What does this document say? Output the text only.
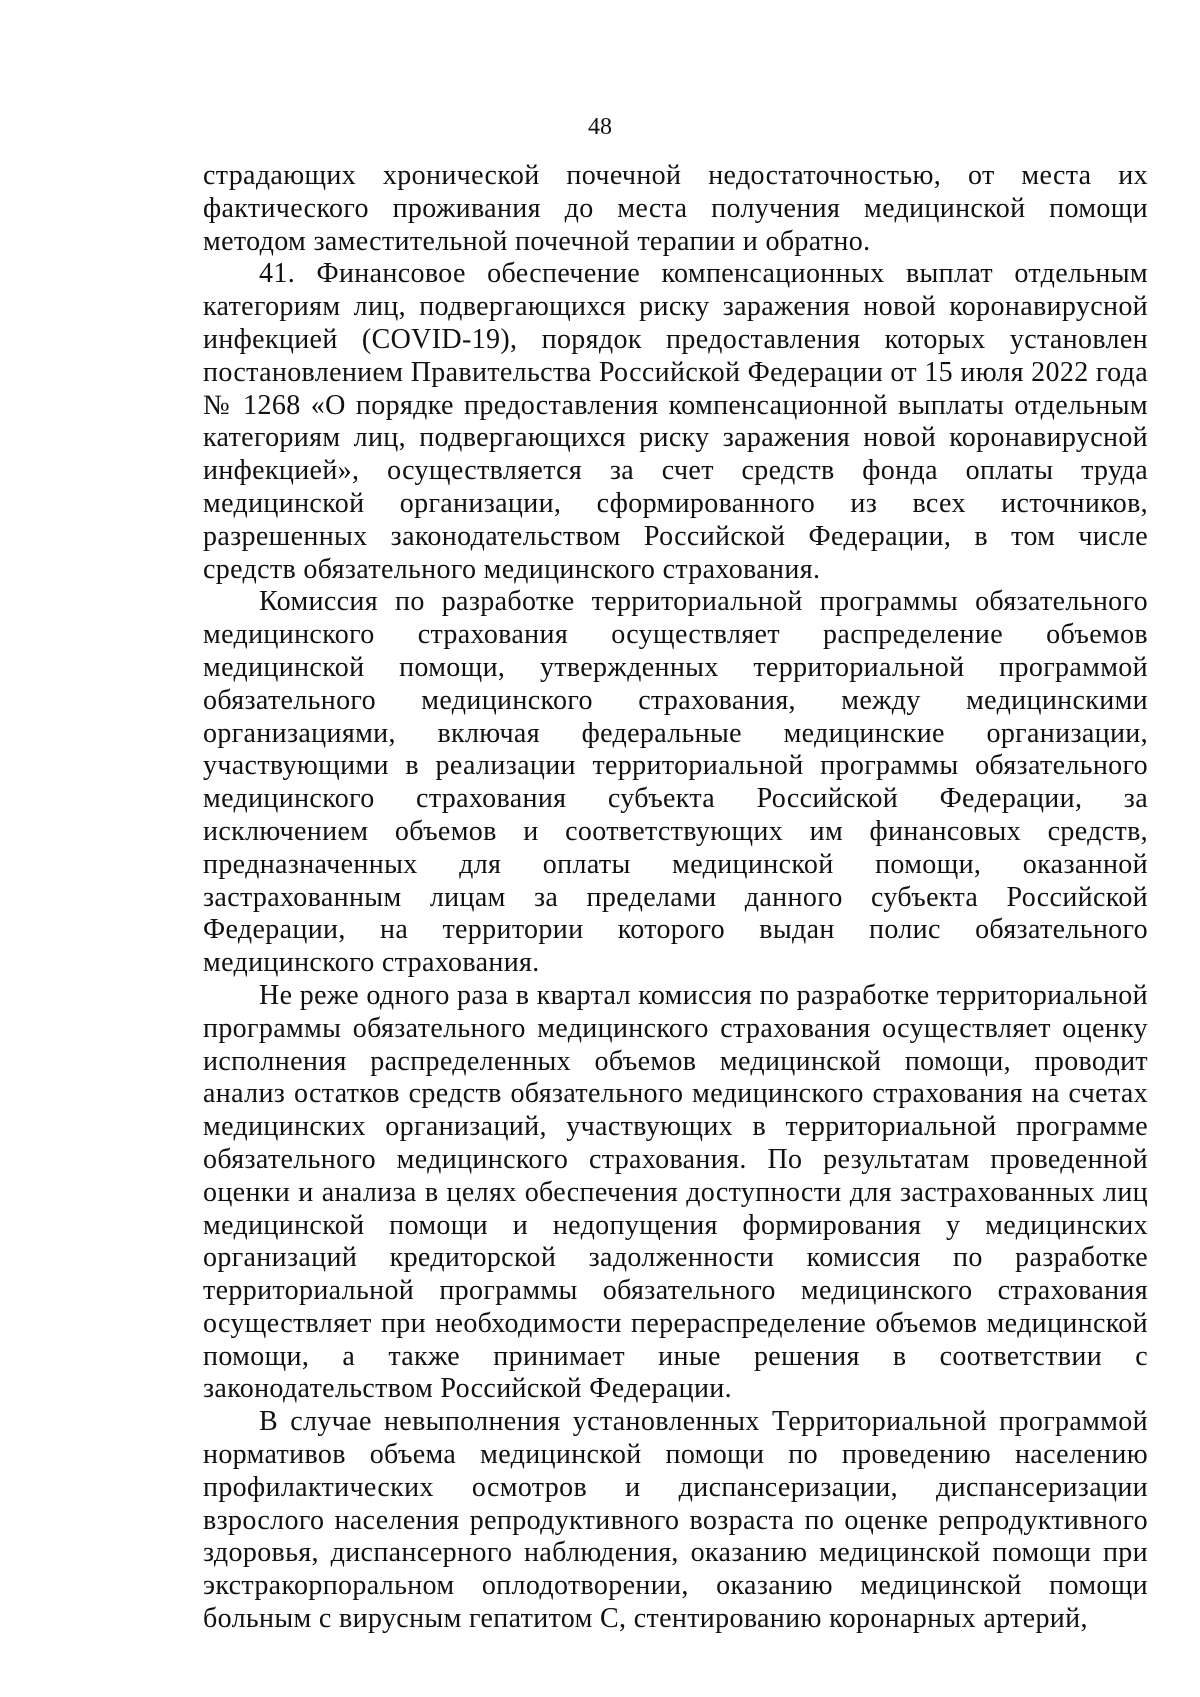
48

страдающих хронической почечной недостаточностью, от места их фактического проживания до места получения медицинской помощи методом заместительной почечной терапии и обратно.

41. Финансовое обеспечение компенсационных выплат отдельным категориям лиц, подвергающихся риску заражения новой коронавирусной инфекцией (COVID-19), порядок предоставления которых установлен постановлением Правительства Российской Федерации от 15 июля 2022 года № 1268 «О порядке предоставления компенсационной выплаты отдельным категориям лиц, подвергающихся риску заражения новой коронавирусной инфекцией», осуществляется за счет средств фонда оплаты труда медицинской организации, сформированного из всех источников, разрешенных законодательством Российской Федерации, в том числе средств обязательного медицинского страхования.

Комиссия по разработке территориальной программы обязательного медицинского страхования осуществляет распределение объемов медицинской помощи, утвержденных территориальной программой обязательного медицинского страхования, между медицинскими организациями, включая федеральные медицинские организации, участвующими в реализации территориальной программы обязательного медицинского страхования субъекта Российской Федерации, за исключением объемов и соответствующих им финансовых средств, предназначенных для оплаты медицинской помощи, оказанной застрахованным лицам за пределами данного субъекта Российской Федерации, на территории которого выдан полис обязательного медицинского страхования.

Не реже одного раза в квартал комиссия по разработке территориальной программы обязательного медицинского страхования осуществляет оценку исполнения распределенных объемов медицинской помощи, проводит анализ остатков средств обязательного медицинского страхования на счетах медицинских организаций, участвующих в территориальной программе обязательного медицинского страхования. По результатам проведенной оценки и анализа в целях обеспечения доступности для застрахованных лиц медицинской помощи и недопущения формирования у медицинских организаций кредиторской задолженности комиссия по разработке территориальной программы обязательного медицинского страхования осуществляет при необходимости перераспределение объемов медицинской помощи, а также принимает иные решения в соответствии с законодательством Российской Федерации.

В случае невыполнения установленных Территориальной программой нормативов объема медицинской помощи по проведению населению профилактических осмотров и диспансеризации, диспансеризации взрослого населения репродуктивного возраста по оценке репродуктивного здоровья, диспансерного наблюдения, оказанию медицинской помощи при экстракорпоральном оплодотворении, оказанию медицинской помощи больным с вирусным гепатитом С, стентированию коронарных артерий,
